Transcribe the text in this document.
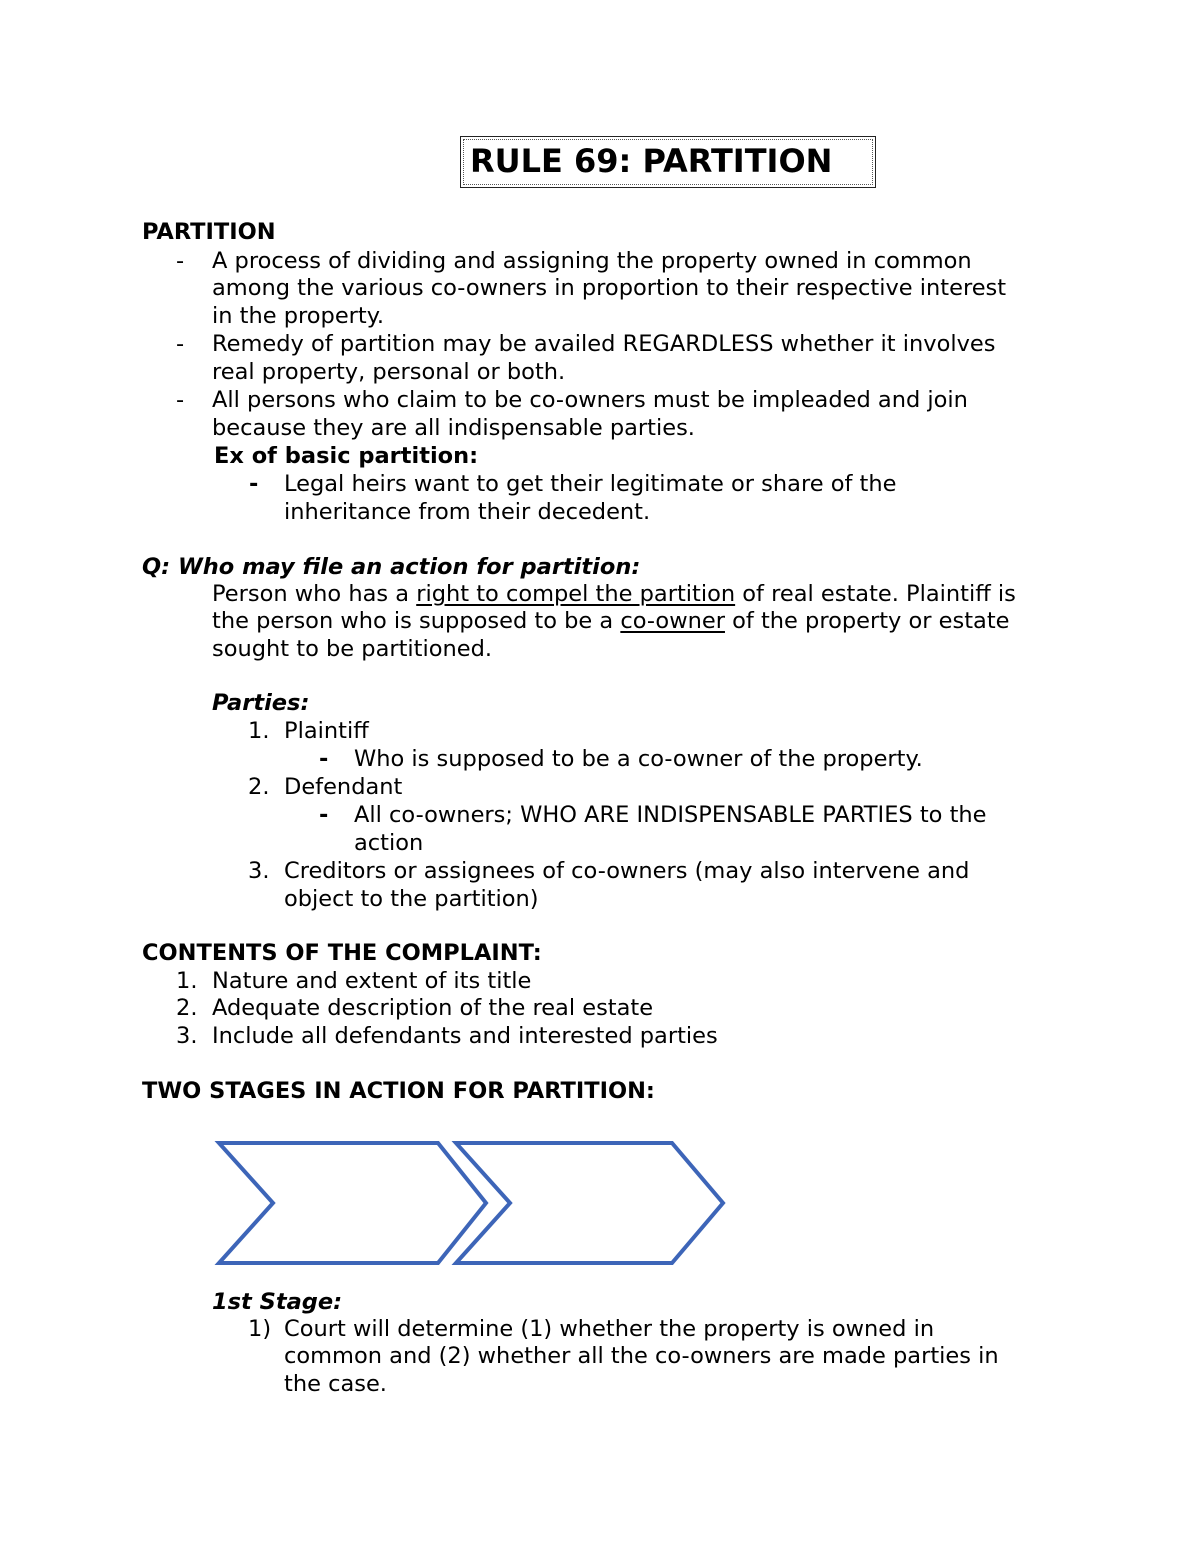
RULE 69: PARTITION
PARTITION
- A process of dividing and assigning the property owned in common
among the various co-owners in proportion to their respective interest
in the property.
- Remedy of partition may be availed REGARDLESS whether it involves
real property, personal or both.
- All persons who claim to be co-owners must be impleaded and join
because they are all indispensable parties.
Ex of basic partition:
- Legal heirs want to get their legitimate or share of the
inheritance from their decedent.
Q: Who may file an action for partition:
Person who has a right to compel the partition of real estate. Plaintiff is
the person who is supposed to be a co-owner of the property or estate
sought to be partitioned.
Parties:
1. Plaintiff
- Who is supposed to be a co-owner of the property.
2. Defendant
- All co-owners; WHO ARE INDISPENSABLE PARTIES to the
action
3. Creditors or assignees of co-owners (may also intervene and
object to the partition)
CONTENTS OF THE COMPLAINT:
1. Nature and extent of its title
2. Adequate description of the real estate
3. Include all defendants and interested parties
TWO STAGES IN ACTION FOR PARTITION:
1st Stage:
1) Court will determine (1) whether the property is owned in
common and (2) whether all the co-owners are made parties in
the case.
